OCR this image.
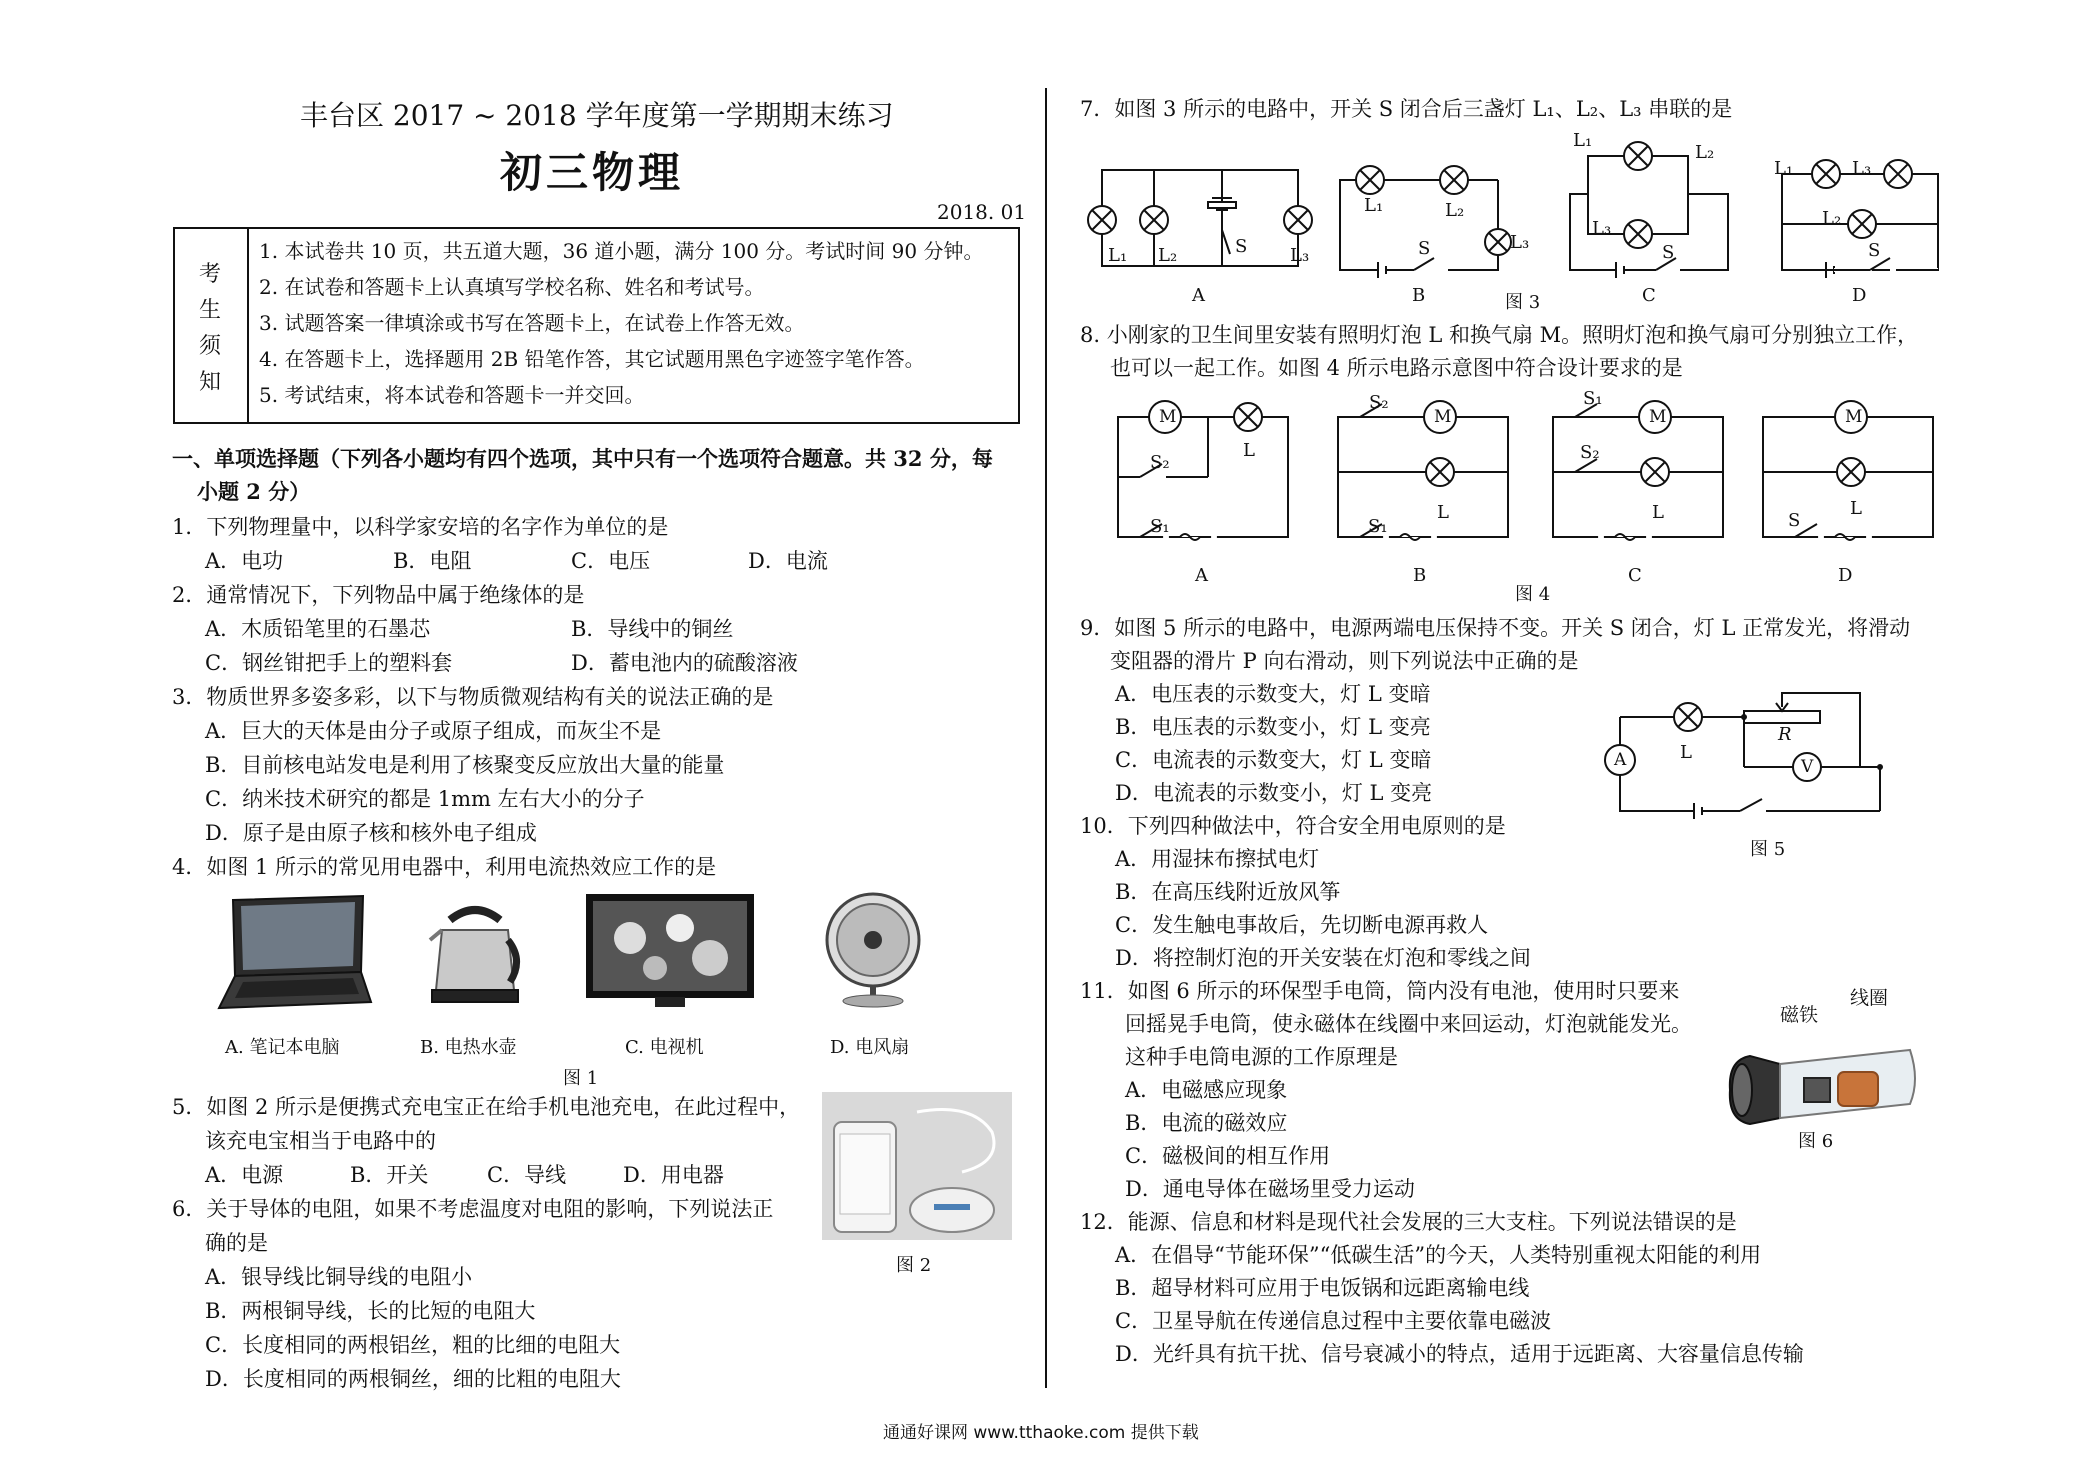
丰台区 2017 ~ 2018 学年度第一学期期末练习
初三物理
2018. 01
考
生
须
知
1. 本试卷共 10 页，共五道大题，36 道小题，满分 100 分。考试时间 90 分钟。
2. 在试卷和答题卡上认真填写学校名称、姓名和考试号。
3. 试题答案一律填涂或书写在答题卡上，在试卷上作答无效。
4. 在答题卡上，选择题用 2B 铅笔作答，其它试题用黑色字迹签字笔作答。
5. 考试结束，将本试卷和答题卡一并交回。
一、单项选择题（下列各小题均有四个选项，其中只有一个选项符合题意。共 32 分，每
小题 2 分）
1．下列物理量中，以科学家安培的名字作为单位的是
A．电功	B．电阻	C．电压	D．电流
2．通常情况下，下列物品中属于绝缘体的是
A．木质铅笔里的石墨芯	B．导线中的铜丝
C．钢丝钳把手上的塑料套	D．蓄电池内的硫酸溶液
3．物质世界多姿多彩，以下与物质微观结构有关的说法正确的是
A．巨大的天体是由分子或原子组成，而灰尘不是
B．目前核电站发电是利用了核聚变反应放出大量的能量
C．纳米技术研究的都是 1mm 左右大小的分子
D．原子是由原子核和核外电子组成
4．如图 1 所示的常见用电器中，利用电流热效应工作的是
A. 笔记本电脑	B. 电热水壶	C. 电视机	D. 电风扇
图 1
5．如图 2 所示是便携式充电宝正在给手机电池充电，在此过程中，
该充电宝相当于电路中的
A．电源	B．开关	C．导线	D．用电器
图 2
6．关于导体的电阻，如果不考虑温度对电阻的影响，下列说法正
确的是
A．银导线比铜导线的电阻小
B．两根铜导线，长的比短的电阻大
C．长度相同的两根铝丝，粗的比细的电阻大
D．长度相同的两根铜丝，细的比粗的电阻大
7．如图 3 所示的电路中，开关 S 闭合后三盏灯 L₁、L₂、L₃ 串联的是
L₁ L₂	S L₃
A
L₁	L₂
S	L₃
B	图 3
L₁
L₂
L₃
S
C
L₁	L₃
L₂
S
D
8. 小刚家的卫生间里安装有照明灯泡 L 和换气扇 M。照明灯泡和换气扇可分别独立工作，
也可以一起工作。如图 4 所示电路示意图中符合设计要求的是
M
L
S₂
S₁
A
S₂
M
L
S₁
B
图 4
S₁
M
S₂
L
C
M
S
L
D
9．如图 5 所示的电路中，电源两端电压保持不变。开关 S 闭合，灯 L 正常发光，将滑动
变阻器的滑片 P 向右滑动，则下列说法中正确的是
A．电压表的示数变大，灯 L 变暗
B．电压表的示数变小，灯 L 变亮
C．电流表的示数变大，灯 L 变暗
D．电流表的示数变小，灯 L 变亮
A	V
L
R
图 5
10．下列四种做法中，符合安全用电原则的是
A．用湿抹布擦拭电灯
B．在高压线附近放风筝
C．发生触电事故后，先切断电源再救人
D．将控制灯泡的开关安装在灯泡和零线之间
11．如图 6 所示的环保型手电筒，筒内没有电池，使用时只要来
回摇晃手电筒，使永磁体在线圈中来回运动，灯泡就能发光。
这种手电筒电源的工作原理是
A．电磁感应现象
B．电流的磁效应
C．磁极间的相互作用
D．通电导体在磁场里受力运动
磁铁
线圈
图 6
12．能源、信息和材料是现代社会发展的三大支柱。下列说法错误的是
A．在倡导“节能环保”“低碳生活”的今天，人类特别重视太阳能的利用
B．超导材料可应用于电饭锅和远距离输电线
C．卫星导航在传递信息过程中主要依靠电磁波
D．光纤具有抗干扰、信号衰减小的特点，适用于远距离、大容量信息传输
通通好课网 www.tthaoke.com 提供下载
